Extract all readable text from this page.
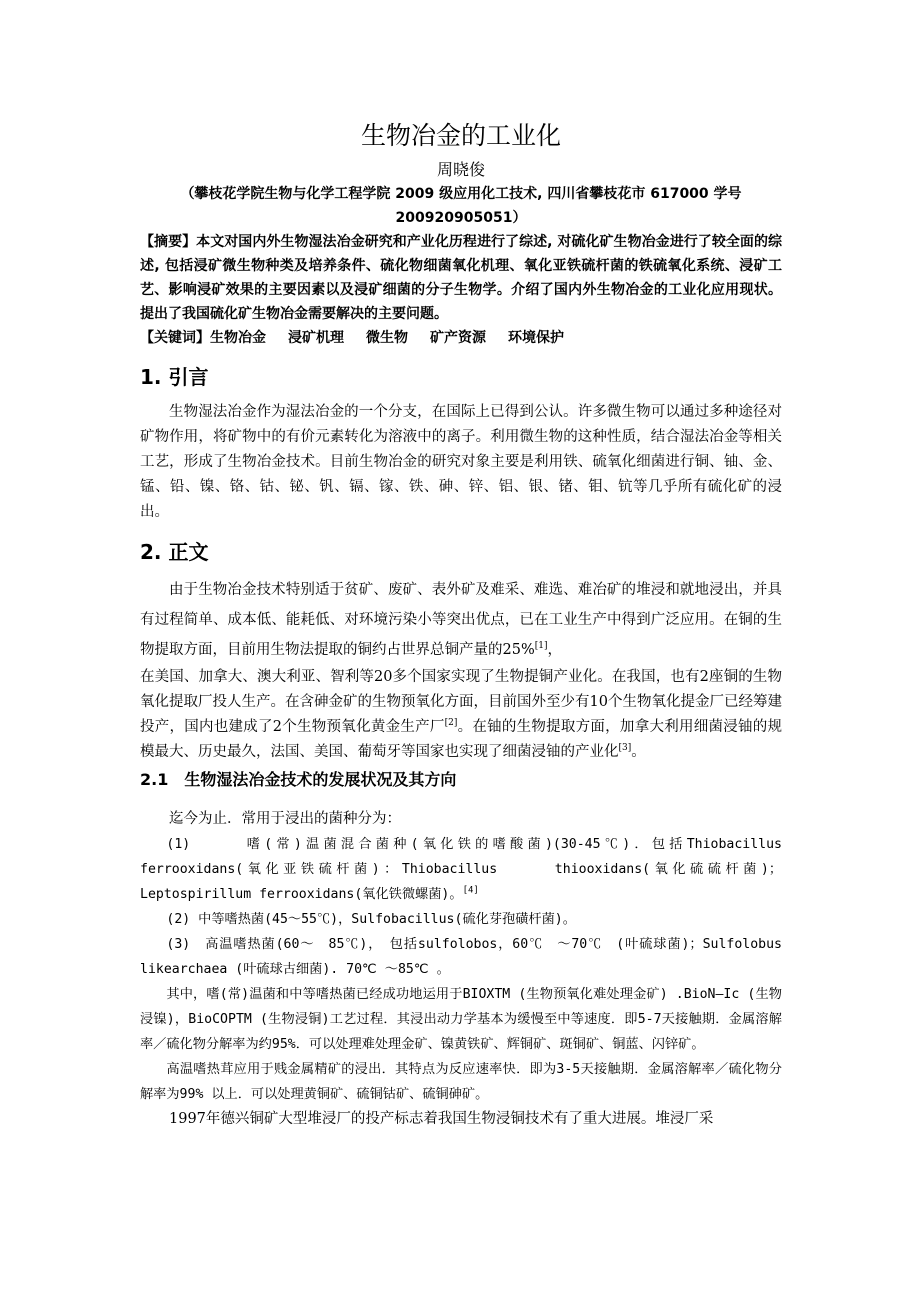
生物冶金的工业化

周晓俊

（攀枝花学院生物与化学工程学院 2009 级应用化工技术, 四川省攀枝花市 617000 学号

200920905051）

【摘要】本文对国内外生物湿法冶金研究和产业化历程进行了综述, 对硫化矿生物冶金进行了较全面的综述, 包括浸矿微生物种类及培养条件、硫化物细菌氧化机理、氧化亚铁硫杆菌的铁硫氧化系统、浸矿工艺、影响浸矿效果的主要因素以及浸矿细菌的分子生物学。介绍了国内外生物冶金的工业化应用现状。提出了我国硫化矿生物冶金需要解决的主要问题。

【关键词】生物冶金 浸矿机理 微生物 矿产资源 环境保护

1. 引言

生物湿法冶金作为湿法冶金的一个分支，在国际上已得到公认。许多微生物可以通过多种途径对矿物作用，将矿物中的有价元素转化为溶液中的离子。利用微生物的这种性质，结合湿法冶金等相关工艺，形成了生物冶金技术。目前生物冶金的研究对象主要是利用铁、硫氧化细菌进行铜、铀、金、锰、铅、镍、铬、钴、铋、钒、镉、镓、铁、砷、锌、铝、银、锗、钼、钪等几乎所有硫化矿的浸出。

2. 正文

由于生物冶金技术特别适于贫矿、废矿、表外矿及难采、难选、难冶矿的堆浸和就地浸出，并具有过程简单、成本低、能耗低、对环境污染小等突出优点，已在工业生产中得到广泛应用。在铜的生物提取方面，目前用生物法提取的铜约占世界总铜产量的25%[1]，

在美国、加拿大、澳大利亚、智利等20多个国家实现了生物提铜产业化。在我国，也有2座铜的生物氧化提取厂投人生产。在含砷金矿的生物预氧化方面，目前国外至少有10个生物氧化提金厂已经筹建投产，国内也建成了2个生物预氧化黄金生产厂[2]。在铀的生物提取方面，加拿大利用细菌浸铀的规模最大、历史最久，法国、美国、葡萄牙等国家也实现了细菌浸铀的产业化[3]。

2.1　生物湿法冶金技术的发展状况及其方向

迄今为止．常用于浸出的菌种分为：

(1)　　　嗜(常)温菌混合菌种(氧化铁的嗜酸菌)(30-45℃)．包括Thiobacillus ferrooxidans(氧化亚铁硫杆菌)：Thiobacillus　　　thiooxidans(氧化硫硫杆菌)；Leptospirillum ferrooxidans(氧化铁微螺菌)。[4]

(2) 中等嗜热菌(45～55℃)，Sulfobacillus(硫化芽孢磺杆菌)。

(3)　高温嗜热菌(60～　85℃)，　包括sulfolobos，60℃　～70℃　(叶硫球菌)；Sulfolobus likearchaea (叶硫球古细菌). 70℃ ～85℃ 。

其中，嗜(常)温菌和中等嗜热菌已经成功地运用于BIOXTM (生物预氧化难处理金矿) .BioN—Ic (生物浸镍)，BioCOPTM (生物浸铜)工艺过程．其浸出动力学基本为缓慢至中等速度．即5-7天接触期．金属溶解率／硫化物分解率为约95%．可以处理难处理金矿、镍黄铁矿、辉铜矿、斑铜矿、铜蓝、闪锌矿。

高温嗜热茸应用于贱金属精矿的浸出．其特点为反应速率快．即为3-5天接触期．金属溶解率／硫化物分解率为99% 以上．可以处理黄铜矿、硫铜钴矿、硫铜砷矿。

1997年德兴铜矿大型堆浸厂的投产标志着我国生物浸铜技术有了重大进展。堆浸厂采
